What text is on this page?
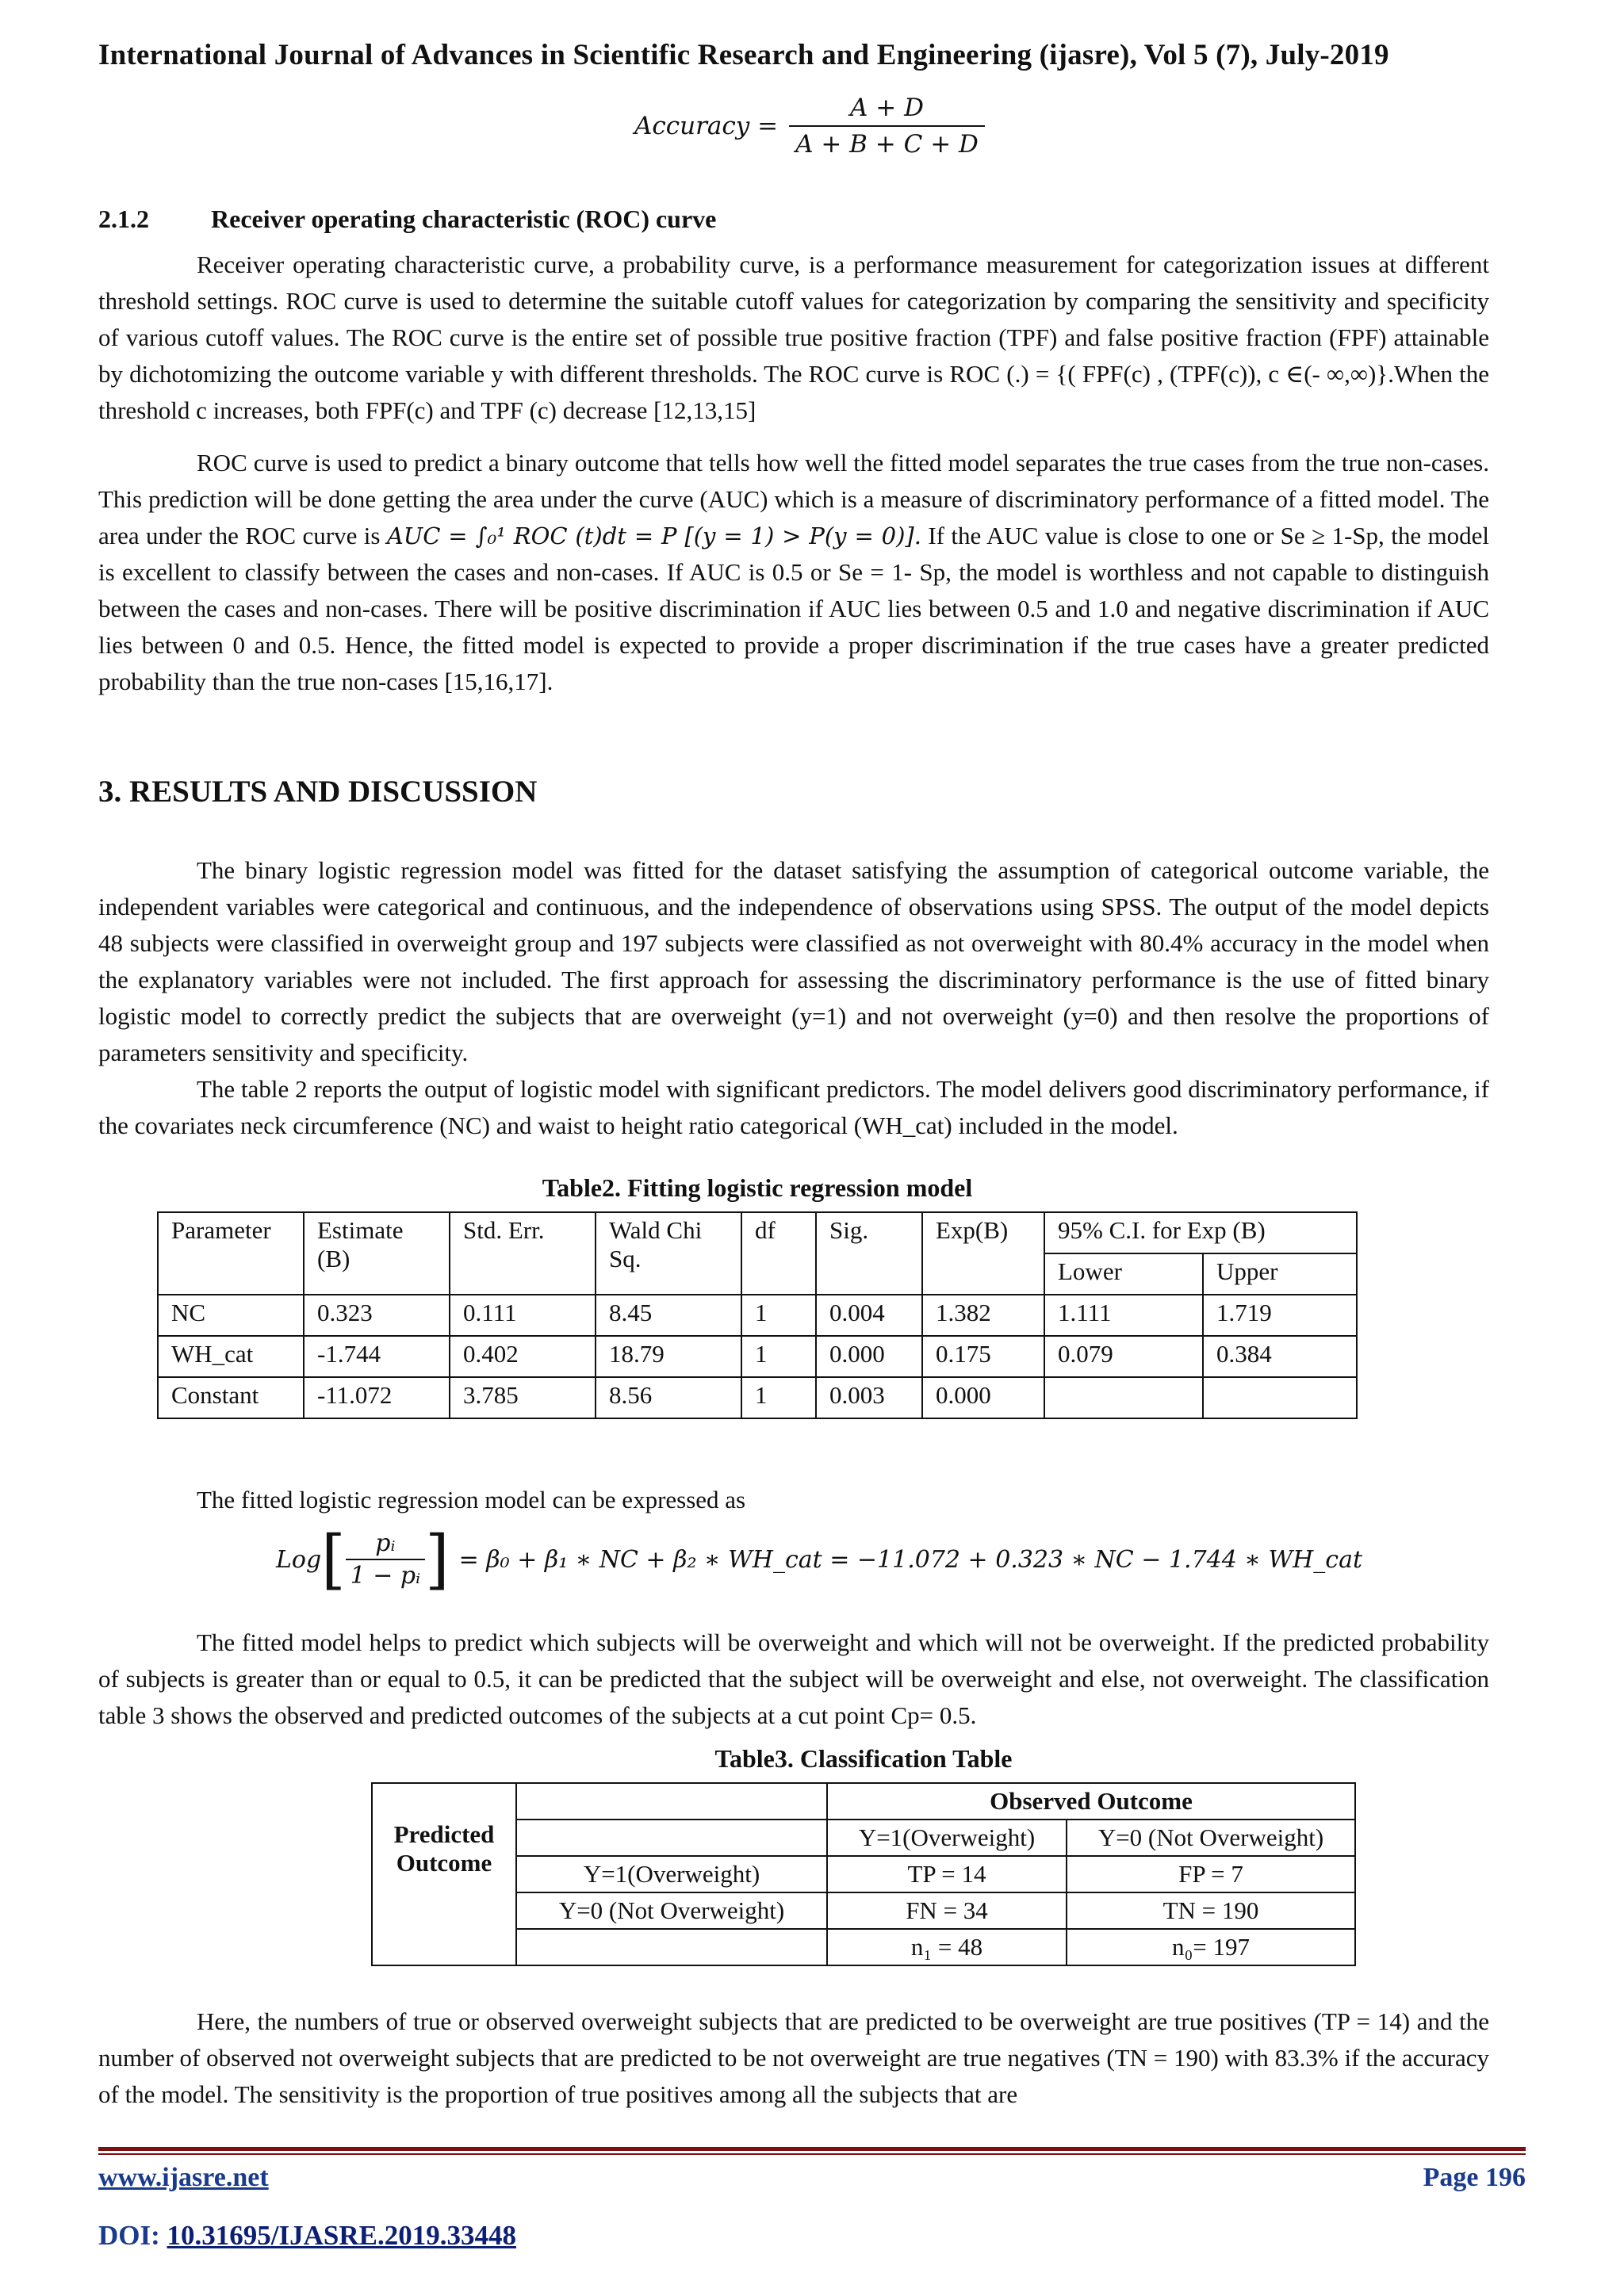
International Journal of Advances in Scientific Research and Engineering (ijasre), Vol 5 (7), July-2019
Accuracy = $\frac{A + D}{A + B + C + D}$
2.1.2 Receiver operating characteristic (ROC) curve

Receiver operating characteristic curve, a probability curve, is a performance measurement for categorization issues at different threshold settings. ROC curve is used to determine the suitable cutoff values for categorization by comparing the sensitivity and specificity of various cutoff values. The ROC curve is the entire set of possible true positive fraction (TPF) and false positive fraction (FPF) attainable by dichotomizing the outcome variable y with different thresholds. The ROC curve is ROC (.) = {( FPF(c) , (TPF(c)), c ∈(- ∞,∞)}.When the threshold c increases, both FPF(c) and TPF (c) decrease [12,13,15]

ROC curve is used to predict a binary outcome that tells how well the fitted model separates the true cases from the true non-cases. This prediction will be done getting the area under the curve (AUC) which is a measure of discriminatory performance of a fitted model. The area under the ROC curve is AUC = ∫₀¹ ROC (t)dt = P [(y = 1) > P(y = 0)]. If the AUC value is close to one or Se ≥ 1-Sp, the model is excellent to classify between the cases and non-cases. If AUC is 0.5 or Se = 1- Sp, the model is worthless and not capable to distinguish between the cases and non-cases. There will be positive discrimination if AUC lies between 0.5 and 1.0 and negative discrimination if AUC lies between 0 and 0.5. Hence, the fitted model is expected to provide a proper discrimination if the true cases have a greater predicted probability than the true non-cases [15,16,17].

3. RESULTS AND DISCUSSION

The binary logistic regression model was fitted for the dataset satisfying the assumption of categorical outcome variable, the independent variables were categorical and continuous, and the independence of observations using SPSS. The output of the model depicts 48 subjects were classified in overweight group and 197 subjects were classified as not overweight with 80.4% accuracy in the model when the explanatory variables were not included. The first approach for assessing the discriminatory performance is the use of fitted binary logistic model to correctly predict the subjects that are overweight (y=1) and not overweight (y=0) and then resolve the proportions of parameters sensitivity and specificity.

The table 2 reports the output of logistic model with significant predictors. The model delivers good discriminatory performance, if the covariates neck circumference (NC) and waist to height ratio categorical (WH_cat) included in the model.

Table2. Fitting logistic regression model
Parameter	Estimate (B)	Std. Err.	Wald Chi Sq.	df	Sig.	Exp(B)	95% C.I. for Exp (B)	
							Lower	Upper
NC	0.323	0.111	8.45	1	0.004	1.382	1.111	1.719
WH_cat	-1.744	0.402	18.79	1	0.000	0.175	0.079	0.384
Constant	-11.072	3.785	8.56	1	0.003	0.000		

The fitted logistic regression model can be expressed as

Log [ $\frac{\text{pᵢ}}{\text{1 − pᵢ}}$ ] = β₀ + β₁ ∗ NC + β₂ ∗ WH_cat = −11.072 + 0.323 ∗ NC − 1.744 ∗ WH_cat

The fitted model helps to predict which subjects will be overweight and which will not be overweight. If the predicted probability of subjects is greater than or equal to 0.5, it can be predicted that the subject will be overweight and else, not overweight. The classification table 3 shows the observed and predicted outcomes of the subjects at a cut point Cp= 0.5.

Table3. Classification Table
Predicted Outcome		Observed Outcome	
		Y=1(Overweight)	Y=0 (Not Overweight)
	Y=1(Overweight)	TP = 14	FP = 7
	Y=0 (Not Overweight)	FN = 34	TN = 190
		n₁ = 48	n₀= 197

Here, the numbers of true or observed overweight subjects that are predicted to be overweight are true positives (TP = 14) and the number of observed not overweight subjects that are predicted to be not overweight are true negatives (TN = 190) with 83.3% if the accuracy of the model. The sensitivity is the proportion of true positives among all the subjects that are

www.ijasre.net	Page 196
DOI: 10.31695/IJASRE.2019.33448
